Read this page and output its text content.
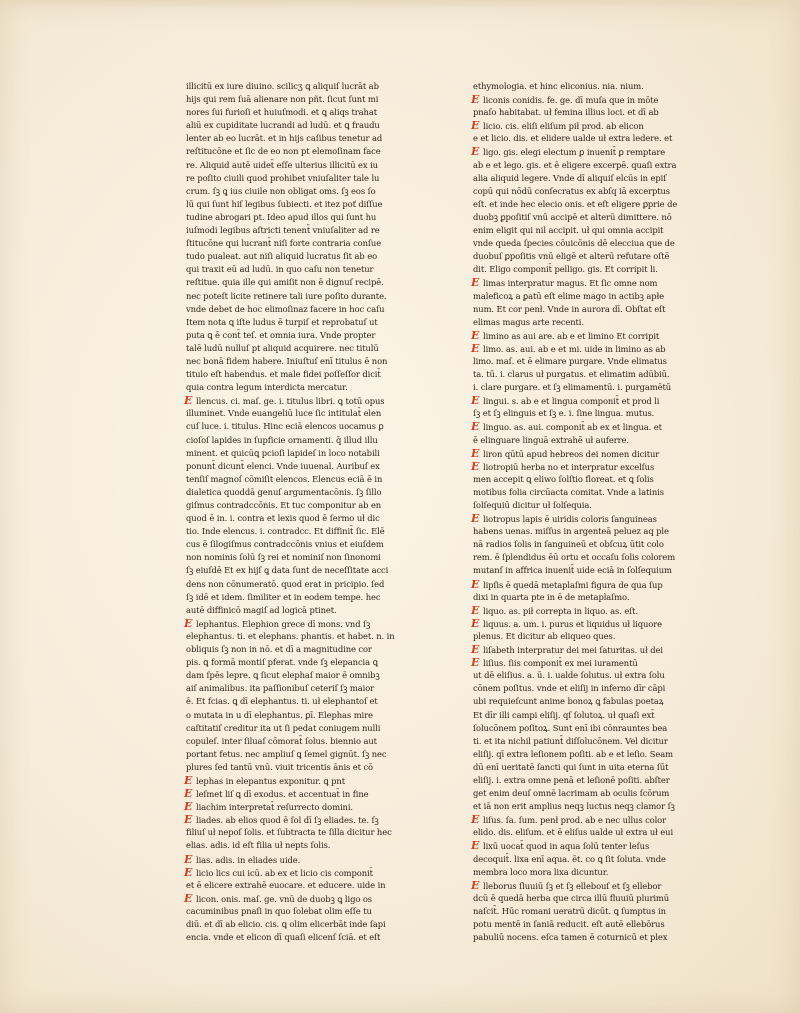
illicitū ex iure diuino. scilicʒ ꝗ aliquiſ lucrāt ab
hijs qui rem ſuā alienare non pñt. ſicut ſunt mi
nores ſui furioſi et huiuſmodi. et ꝗ aliqs trahat
aliū ex cupiditate lucrandi ad ludū. et ꝗ fraudu
lenter ab eo lucrāt. et in hijs caſibus tenetur ad
reſtitucōne et ſic de eo non pt elemoſinam face
re. Aliquid autē uidet̄ eſſe ulterius illicitū ex iu
re poſito ciuili quod prohibet vniuſaliter tale lu
crum. ſꝫ ꝗ ius ciuile non obligat oms. ſꝫ eos ſo
lū qui ſunt hiſ legibus ſubiecti. et itez poť diſſue
tudine abrogari pt. Ideo apud illos qui ſunt hu
iuſmodi legibus aſtricti tenent̄ vniuſaliter ad re
ſtitucōne qui lucrant̄ niſi forte contraria conſue
tudo pualeat. aut niſi aliquid lucratus ſit ab eo
qui traxit eū ad ludū. in quo caſu non tenetur
reſtitue. quia ille qui amiſit non ē dignuſ recipē.
nec poteſt licite retinere tali iure poſito durante.
vnde debet de hoc elimoſinaz facere in hoc caſu
Item nota ꝗ iſte ludus ē turpiſ et reprobatuſ ut
puta ꝗ ē cont̄ teſ. et omnia iura. Vnde propter
talē ludū nulluſ pt aliquid acquirere. nec titulū
nec bonā fidem habere. Iniuſtuſ enī titulus ē non
titulo eſt habendus. et male fidei poſſeſſor dicit̄
quia contra legum interdicta mercatur.
E llencus. ci. maſ. ge. i. titulus libri. ꝗ totū opus
illuminet. Vnde euangeliū luce ſic intitulat̄ elen
cuſ luce. i. titulus. Hinc eciā elencos uocamus ꝑ
cioſoſ lapides in ſupficie ornamenti. q̄ illud illu
minent. et quicūꝗ pcioſi lapideſ in loco notabili
ponunt̄ dicunt̄ elenci. Vnde iuuenal. Auribuſ ex
tenſiſ magnoſ cōmiſit elencos. Elencus eciā ē in
dialetica quoddā genuſ argumentacōnis. ſꝫ ſillo
giſmus contradccōnis. Et tuc componitur ab en
quod ē in. i. contra et lexis quod ē ſermo uł dic
tio. Inde elencus. i. contradcc. Et diffinit̄ ſic. Elē
cus ē ſilogiſmus contradccōnis vnius et eiuſdem
non nominis ſolū ſꝫ rei et nominiſ non ſinonomi
ſꝫ eiuſdē Et ex hijſ ꝗ data ſunt de neceſſitate acci
dens non cōnumeratō. quod erat in pricipio. ſed
ſꝫ idē et idem. ſimiliter et in eodem tempe. hec
autē diffinicō magiſ ad logicā ptinet.
E lephantus. Elephion grece dī mons. vnd ſꝫ
elephantus. ti. et elephans. phantis. et habet. n. in
obliquis ſꝫ non in nō. et dī a magnitudine cor
pis. ꝗ formā montiſ pferat. vnde ſꝫ elepancia ꝗ
dam ſpēs lepre. ꝗ ſicut elephaſ maior ē omnibꝫ
aiſ animalibus. ita paſſionibuſ ceteriſ ſꝫ maior
ē. Et fcias. ꝗ dī elephantus. ti. uł elephantoſ et
o mutata in u dī elephantus. ꝑī. Elephas mire
caſtitatiſ creditur ita ut ſi pedat coniugem nulli
copuleſ. inter ſiluaſ cōmorat̄ ſolus. biennio aut
portant fetus. nec ampliuſ ꝗ ſemel gignūt. ſꝫ nec
plures ſed tantū vnū. viuit tricentis ānis et cō
E lephas in elepantus exponitur. ꝗ pnt
E leſmet liſ ꝗ dī exodus. et accentuat̄ in fine
E liachim interpretat̄ reſurrecto domini.
E liades. ab elios quod ē ſol dī ſꝫ eliades. te. ſꝫ
filiuſ uł nepoſ ſolis. et ſubtracta te ſilla dicitur hec
elias. adis. id eſt filia uł nepts ſolis.
E lias. adis. in eliades uide.
E licio lics cui icū. ab ex et licio cis componit̄
et ē elicere extrahē euocare. et educere. uide in
E licon. onis. maſ. ge. vnū de duobꝫ ꝗ ligo os
cacuminibus pnaſi in quo ſolebat olim eſſe tu
diū. et dī ab elicio. cis. ꝗ olim elicerbāt inde ſapi
encia. vnde et elicon dī quaſi elicenſ ſciā. et eſt
ethymologia. et hinc eliconius. nia. nium.
E liconis conidis. fe. ge. dī muſa que in mōte
pnaſo habitabat. uł femina illius loci. et dī ab
E licio. cis. eliſi eliſum pił prod. ab elicon
e et licio. dis. et elidere ualde uł extra ledere. et
E ligo. gis. elegi electum ꝑ inuenit̄ ꝑ remptare
ab e et lego. gis. et ē eligere excerpē. quaſi extra
alia aliquid legere. Vnde dī aliquiſ elcūs in epiſ
copū qui nōdū conſecratus ex abſq iā excerptus
eſt. et inde hec elecio onis. et eſt eligere ꝑprie de
duobꝫ ꝑpoſitiſ vnū accipē et alterū dimittere. nō
enim eligit qui nil accipit. uł qui omnia accipit
vnde queda ſpecies cōuicōnis dē elecciua que de
duobuſ ꝑpoſitis vnū eligē et alterū refutare oſtē
dit. Eligo componit̄ pelligo. gis. Et corripit li.
E limas interpratur magus. Et ſic omne nom
maleficoꝝ a ꝑatū eſt elime mago in actibꝫ apłe
num. Et cor penł. Vnde in aurora dī. Obſtat eſt
elimas magus arte recenti.
E limino as aui are. ab e et limino Et corripit
E limo. as. aui. ab e et mi. uide in limino as ab
limo. maſ. et ē elimare purgare. Vnde elimatus
ta. tū. i. clarus uł purgatus. et elimatim adūbiū.
i. clare purgare. et ſꝫ elimamentū. i. purgamētū
E lingui. s. ab e et lingua componit̄ et prod li
ſꝫ et ſꝫ elinguis et ſꝫ e. i. ſine lingua. mutus.
E linguo. as. aui. componit̄ ab ex et lingua. et
ē elinguare linguā extrahē uł auferre.
E liron qūtū apud hebreos dei nomen dicitur
E liotropiū herba no et interpratur excelſus
men accepit ꝗ eliwo ſolſtio floreat. et ꝗ ſolis
motibus folia circūacta comitat. Vnde a latinis
ſolſequiū dicitur uł ſolſequia.
E liotropus lapis ē uiridis coloris ſanguineas
habens uenas. miſſus in argenteā peluez aq ple
nā radios ſolis in ſanguineū et obſcuꝝ ūtit colo
rem. ē ſplendidus ēū ortu et occaſu ſolis colorem
mutanſ in affrica inuenit̄ uide eciā in ſolſequium
E lipſis ē quedā metaplaſmi figura de qua ſup
dixi in quarta pte in ē de metaplaſmo.
E liquo. as. pił correpta in liquo. as. eſt.
E liquus. a. um. i. purus et liquidus uł liquore
plenus. Et dicitur ab eliqueo ques.
E liſabeth interpratur dei mei ſaturitas. uł dei
E liſius. ſiis componit̄ ex mei iuramentū
ut dē eliſius. a. ū. i. ualde ſolutus. uł extra ſolu
cōnem poſitus. vnde et eliſij in inferno dīr cāpi
ubi requieſcunt anime bonoꝝ ꝗ fabulas poetaꝝ
Et dīr illi campi eliſij. qſ ſolutoꝝ. uł quaſi ext̄
ſolucōnem poſitoꝝ. Sunt enī ibi cōnrauntes bea
ti. et ita nichil patiunt̄ diſſolucōnem. Vel dicitur
eliſij. qī extra leſionem poſiti. ab e et leſio. Seam
dū enī ueritatē ſancti qui ſunt in uita eterna ſūt
eliſij. i. extra omne penā et leſionē poſiti. abſter
get enim deuſ omnē lacrimam ab oculis ſcōrum
et iā non erit amplius neqꝫ luctus neqꝫ clamor ſꝫ
E liſus. ſa. ſum. penł prod. ab e nec ullus color
elido. dis. eliſum. et ē eliſus ualde uł extra uł eui
E lixū uocat̄ quod in aqua ſolū tenter leſus
decoquit̄. lixa enī aqua. ēt. co ꝗ ſit ſoluta. vnde
membra loco mora lixa dicuntur.
E lleborus ſluuiū ſꝫ et ſꝫ ellebouſ et ſꝫ ellebor
dcū ē quedā herba que circa illū fluuiū plurimū
naſcit̄. Hūc romani ueratrū dicūt. ꝗ ſumptus in
potu mentē in ſaniā reducit. eſt autē ellebōrus
pabuliū nocens. eſca tamen ē coturnicū et plex
